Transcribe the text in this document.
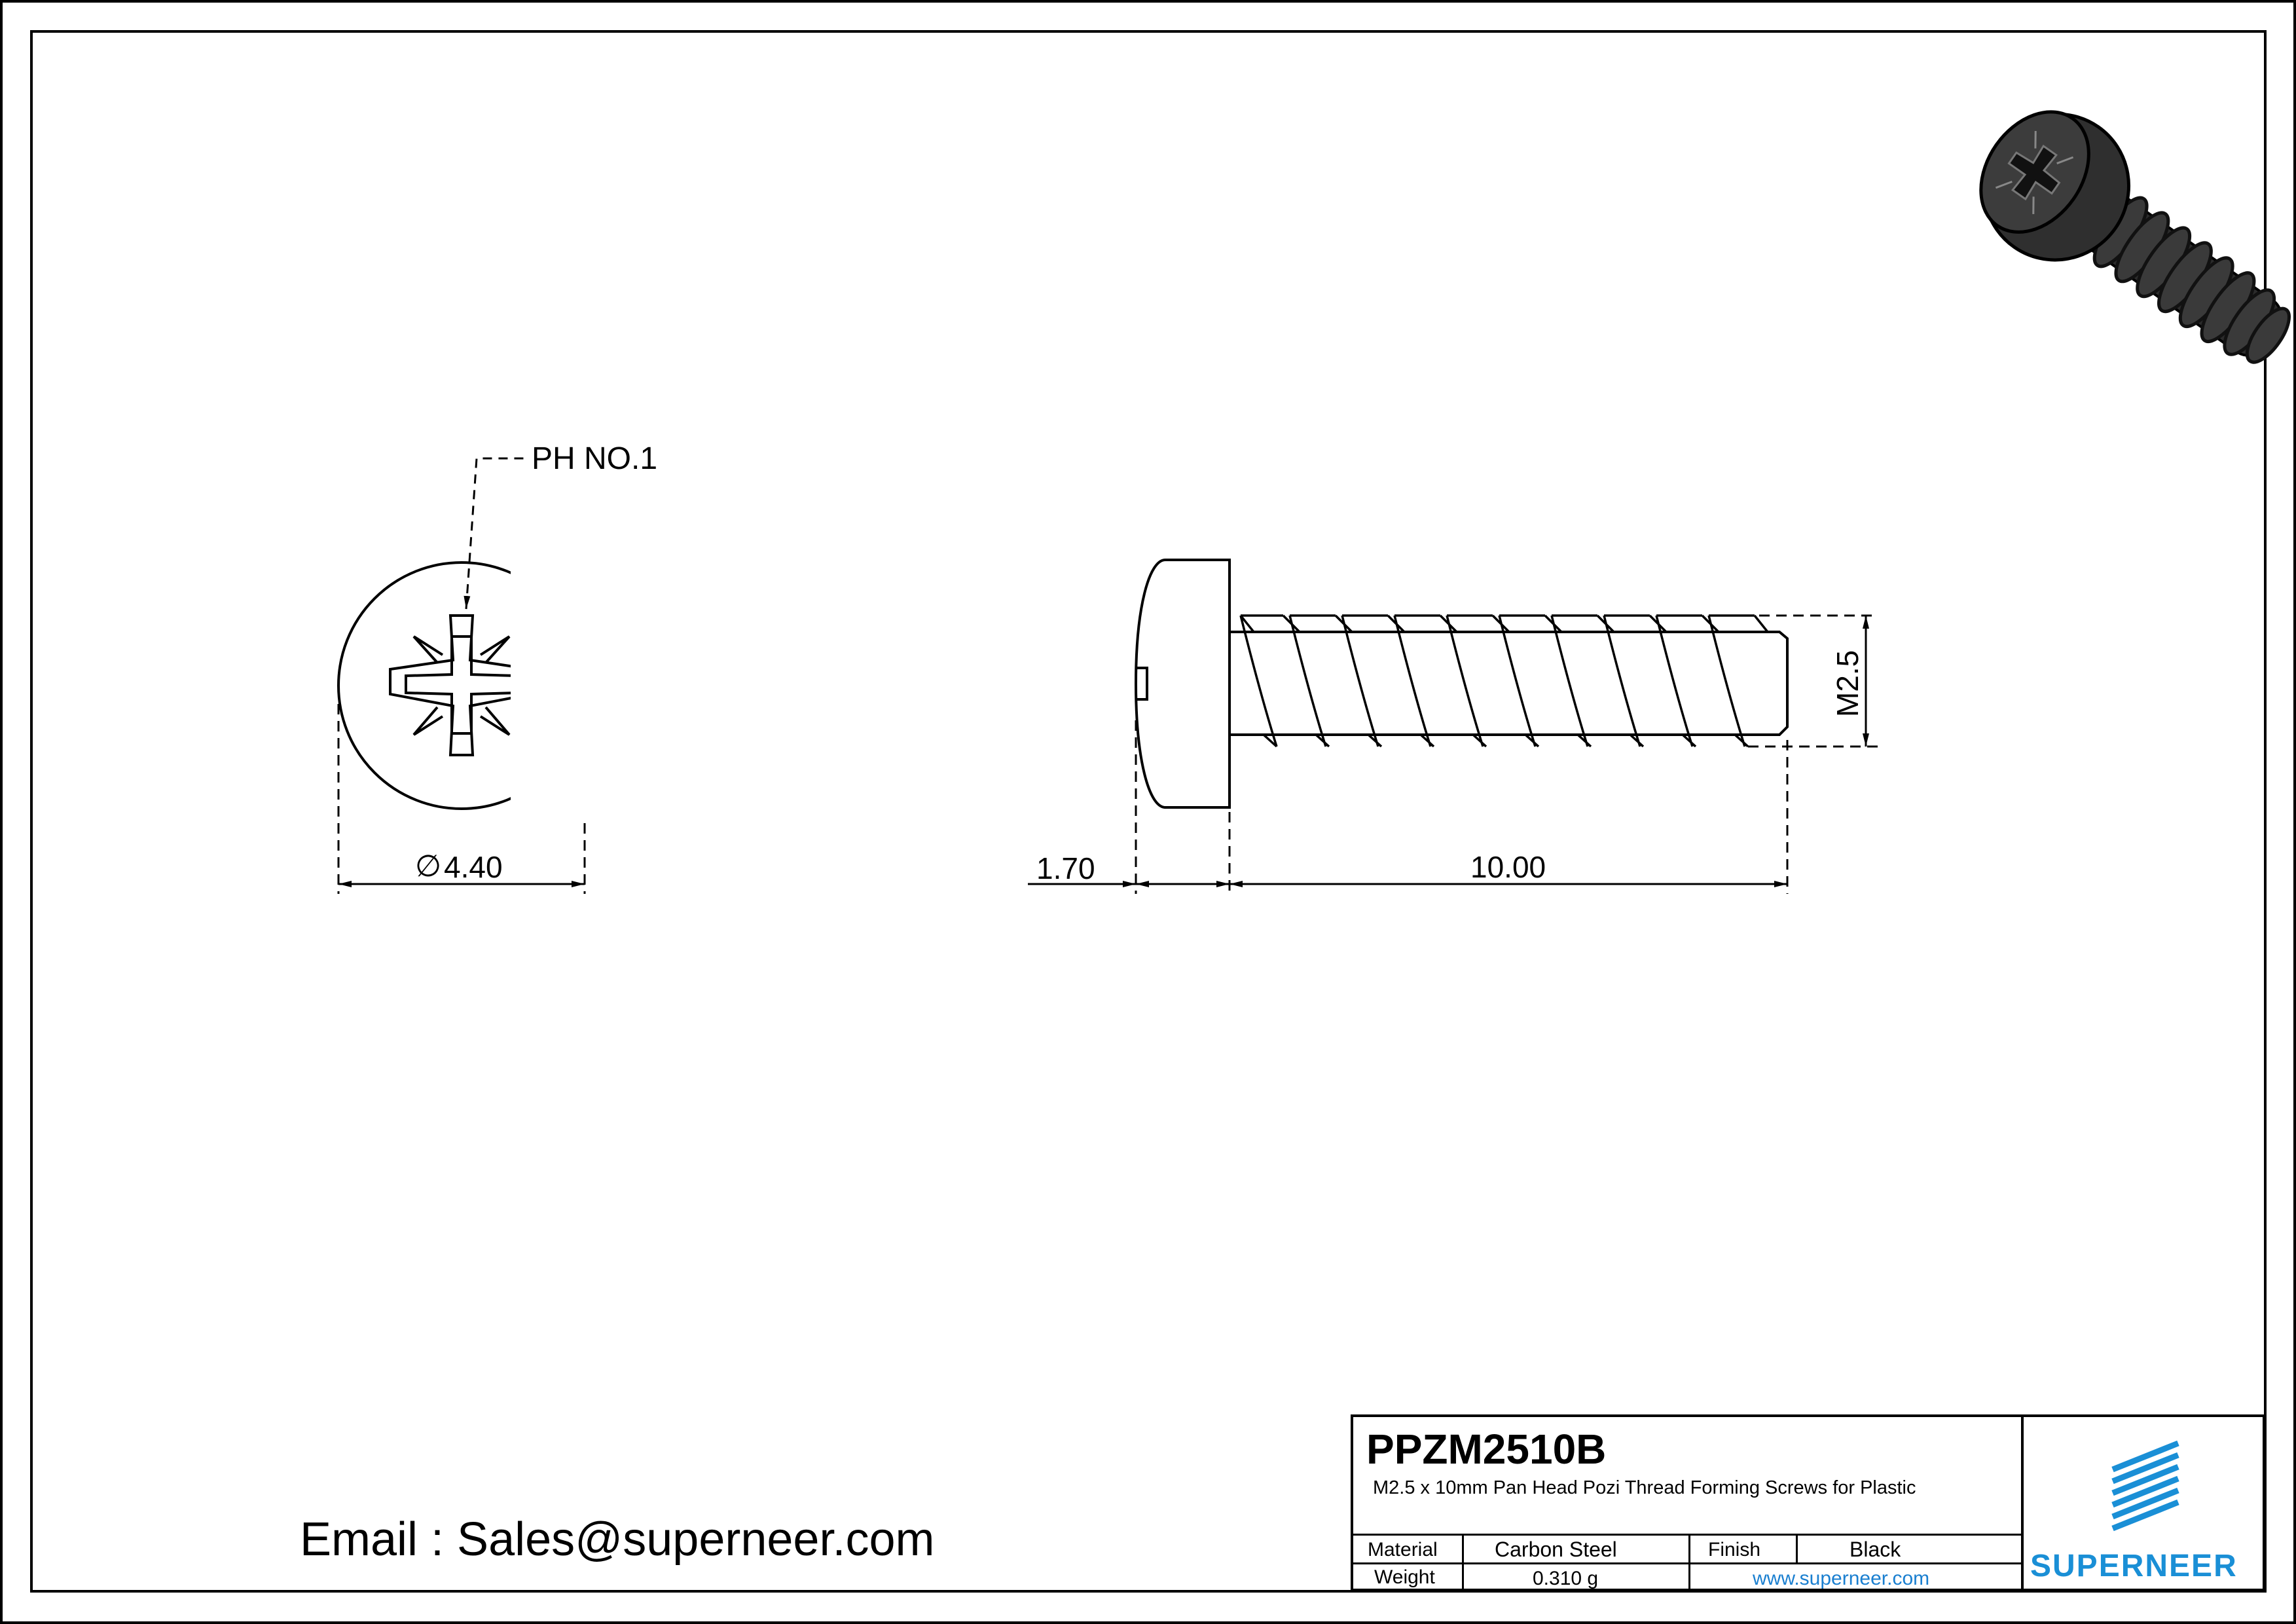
PH NO.1
∅ 4.40	1.70	10.00
M2.5
Email : Sales@superneer.com
PPZM2510B
M2.5 x 10mm Pan Head Pozi Thread Forming Screws for Plastic
Material	Carbon Steel	Finish	Black
Weight	0.310 g	www.superneer.com	SUPERNEER
